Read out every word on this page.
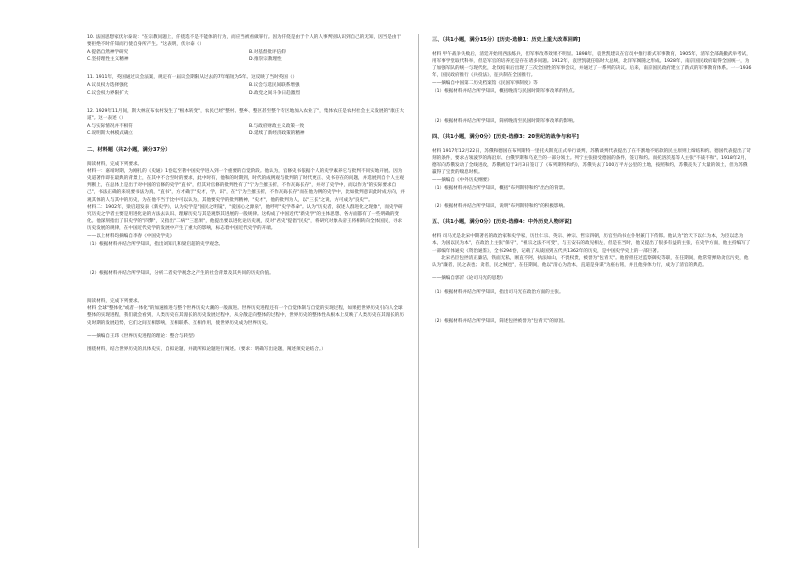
10. 法国思想家伏尔泰说："在宗教问题上，仟绕选不是不能体的行为，而应当被看做罪行。因为仟绕是由于个人的人事判别认识到自己的无知，因当是由于要拒绝不时仟知而行使自身所产生。"这表明，伏尔泰（）

A.提倡自然神学研究	B.对基督批评信仰
C.坚持理性主义精神	D.推崇宗教理性

11. 1911年，英国通过议会法案，规定有一届议会期限从过去的7年缩短为5年。这反映了当时英国（）

A.议员权力选择强化	B.议会与选民间联系增强
C.议会权力界限扩大	D.政党之间斗争日趋激烈

12. 1929年11月间，斯大林宣布农村发生了"根本转变"，农民已经"整村、整乡、整区甚至整个专区地加入农业了"，集体农庄是农村社会主义发展的"康庄大道"。这一表述（）

A.与实际情况并不相符	B.与政府财政主义政策一致
C.说明斯大林模式确立	D.延续了新经济政策的精神
二、材料题（共2小题，满分37分）

阅读材料，完成下列要求。

材料一：嘉靖时期，为刚扎的《史通》1卷迄至著中国史学进入到一个重要的自觉阶段。他认为，官修史书依据个人的史学素养它与批判不同实地开展。因为史道著作即在最典的背景上，在其中不合至时的要求，此中时有，他和的时期到，时代的成例观与批判的了时代更正、史书存在的问题，并选展到自个人主观判断上，在总体上是出于对中国的官修的史学"直书"，但其对官修的批判性有了"宁为兰摧玉折，不作瓦砾长存"，并对了史学中，而以作为"的实际要求自己"，书法正确的来说要书法为真，"直书"，方才确于"史才，学，识"，在"宁为兰摧玉折，不作瓦砾长存"而在他为例的史学中，比如批判意识此时成方向，并观其体的人与其中的历史，为在他不当于比中可以认为，其他要史学的批判精神，"史才"，他的批判为人，以"三长"之说，方可成为"良史""。

材料二：1902年，梁启超发表《新史学》，认为史学是"国民之明镜"，"爱国心之源泉"，他呼吁"史学革命"。认为"历史者，叙述人群进化之现象"，而史学研究历史之学者主要是用进化论的方法去认识、理解历史与其是观察其进展的一般规律。这构成了中国近代"新史学"的主体思想、各方面都有了一些明确的变化。他深刻指出了旧史学的"四弊"，又指出"二病""三恶果"，他提出要以进化论历史观，反对"君史"提倡"民史"，将研究对象从帝王将相转向全体国民，寻求历史发展的规律，在中国近代史学的发展中产生了重大的影响，标志着中国近代史学的开端。

——以上材料均摘编自李春《中国史学史》

（1）根据材料并结合所学知识，指出刘知几和梁启超的史学观念。

（2）根据材料并结合所学知识，分析二者史学观念之产生的社会背景及其共同的历史价值。

阅读材料，完成下列要求。

材料 全球"整体化"或者一体化"的加速推进与整个世界历史大潮的一般演进。世界历史进程还有一个自觉体制与自觉的实现过程，如果把世界历史引向人全球整体的实现进程，我们就会看到，人类历史在其漫长的历史发展过程中，从分散走向整体的过程中，世界历史的整体性从根本上反映了人类历史在其漫长的历史时期的发展趋势，它们之间互相影响，互相联系、互相作用，使世界历史成为世界历史。

——摘编自王玮《世界历史进程的理论：整合与转型》

围绕材料，结合世界历史的具体史实，自拟论题，并就所拟论题进行阐述。（要求：明确写出论题，阐述须史论结合。）

三、（共1小题，满分15分）[历史-选修1：历史上重大改革回眸]

材料 甲午战争失败后，清廷开始用西法练兵，但军事改革效果不明显。1898年，袁世凯建议在官员中推行新式军事教育，1905年，清军全部裁撤武举考试，用军事学堂取代科举，但是军官的培养还是存在诸多问题。1912年，袁世凯就任临时大总统，北洋军阀随之形成。1928年，南京国民政府取得全国统一，为了加强军队的统一与现代化，北伐结束后出现了三次全国性的军事会议，并通过了一系列的决议。后来，南京国民政府建立了新式的军事教育体系。一一1936年，国民政府推行《兵役法》，征兵制在全国推行。

——摘编自中国第二历史档案馆《民国军事制度》等

（1）根据材料并结合所学知识，概括晚清与民国时期军事改革的特点。

（2）根据材料并结合所学知识，简析晚清至民国时期军事改革的影响。

四、（共1小题，满分0分）[历史-选修3：20世纪的战争与和平]

材料 1917年12月22日，苏俄和德国在布列斯特一里托夫斯克正式举行谈判，苏俄谈判代表提出了在不割地不赔款的民主原则上缔结和约。德国代表提出了苛刻的条件，要求占领波罗的海沿岸、白俄罗斯和乌克兰的一部分领土。列宁主张接受德国的条件，签订和约。而托洛茨基等人主张"不战不和"。1918年2月，德军向苏俄发动了全线进攻，苏俄被迫于3月3日签订了《布列斯特和约》，苏俄失去了100万平方公里的土地，按照和约，苏俄丧失了大量的领土，但为苏俄赢得了宝贵的喘息时机。

——摘编自《中外历史纲要》

（1）根据材料并结合所学知识，概括"布列斯特和约"出台的背景。

（2）根据材料并结合所学知识，说明"布列斯特和约"的积极影响。

五、（共1小题，满分0分）[历史-选修4：中外历史人物评说]

材料 司马光是北宋中期著名的政治家和史学家，历仕仁宗、英宗、神宗、哲宗四朝，历官至尚书左仆射兼门下侍郎。他认为"治天下以仁为本，为臣以忠为本，为国以民为本"，在政治上主张"保守"，"祖宗之法不可变"，与王安石的政见相左，但是在当时，他又提出了很多有益的主张，在史学方面，他主持编写了一部编年体通史《资治通鉴》，全书294卷，记载了从战国到五代共1362年的历史，是中国史学史上的一部巨著。

北宋名臣包拯清正廉洁，铁面无私，刚直不阿，执法如山，不畏权贵，被誉为"包青天"。他曾担任过监察御史等职，在任期间，他常常弹劾贪官污吏，他认为"廉者，民之表也；贪者，民之贼也"，在任期间，他以"清心为治本，直道是身谋"为座右铭，并且他身体力行，成为了清官的典范。

——摘编自郭沂《论司马光的思想》

（1）根据材料并结合所学知识，指出司马光在政治方面的主张。

（2）根据材料并结合所学知识，简述包拯被誉为"包青天"的原因。
